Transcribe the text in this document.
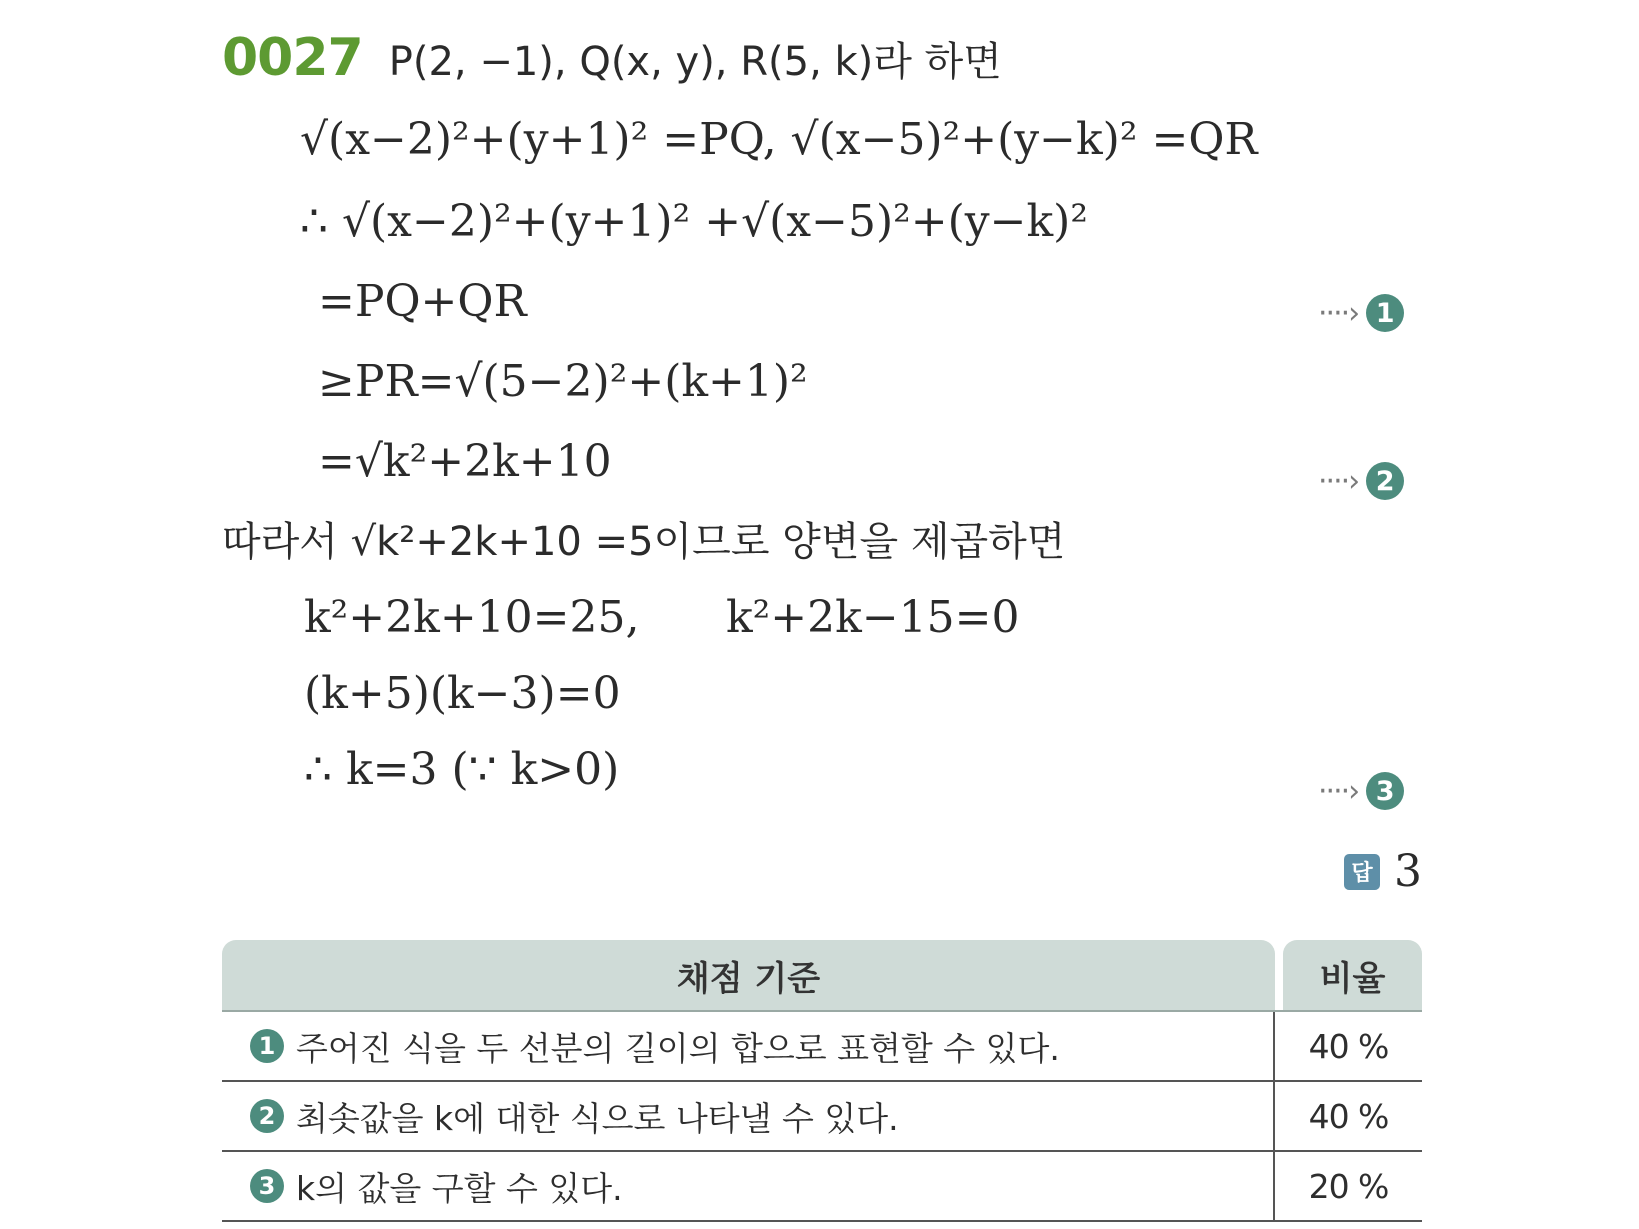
0027 P(2, −1), Q(x, y), R(5, k)라 하면
√(x−2)²+(y+1)² =PQ, √(x−5)²+(y−k)² =QR
∴ √(x−2)²+(y+1)² +√(x−5)²+(y−k)²
=PQ+QR
≥PR=√(5−2)²+(k+1)²
=√k²+2k+10
따라서 √k²+2k+10 =5이므로 양변을 제곱하면
k²+2k+10=25, k²+2k−15=0
(k+5)(k−3)=0
∴ k=3 (∵ k>0)
····› 1
····› 2
····› 3
답 3
채점 기준	비율
1 주어진 식을 두 선분의 길이의 합으로 표현할 수 있다.	40 %
2 최솟값을 k에 대한 식으로 나타낼 수 있다.	40 %
3 k의 값을 구할 수 있다.	20 %
